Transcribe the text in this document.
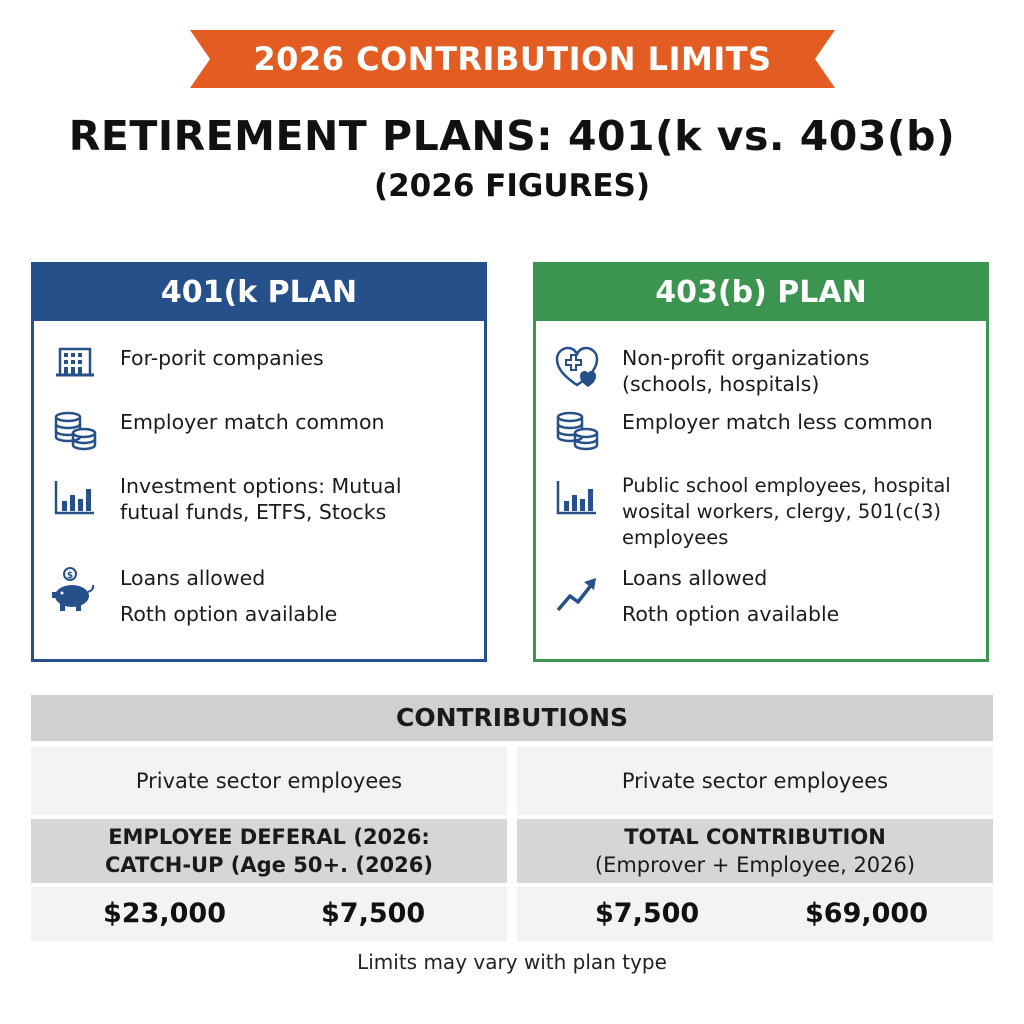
2026 CONTRIBUTION LIMITS
RETIREMENT PLANS: 401(k vs. 403(b)
(2026 FIGURES)
401(k PLAN
For-porit companies
Employer match common
Investment options: Mutual
futual funds, ETFS, Stocks
$ Loans allowed
Roth option available
403(b) PLAN
Non-profit organizations
(schools, hospitals)
Employer match less common
Public school employees, hospital
wosital workers, clergy, 501(c(3)
employees
Loans allowed
Roth option available
CONTRIBUTIONS
Private sector employees
EMPLOYEE DEFERAL (2026:
CATCH-UP (Age 50+. (2026)
$23,000	$7,500
Private sector employees
TOTAL CONTRIBUTION
(Emprover + Employee, 2026)
$7,500	$69,000
Limits may vary with plan type
